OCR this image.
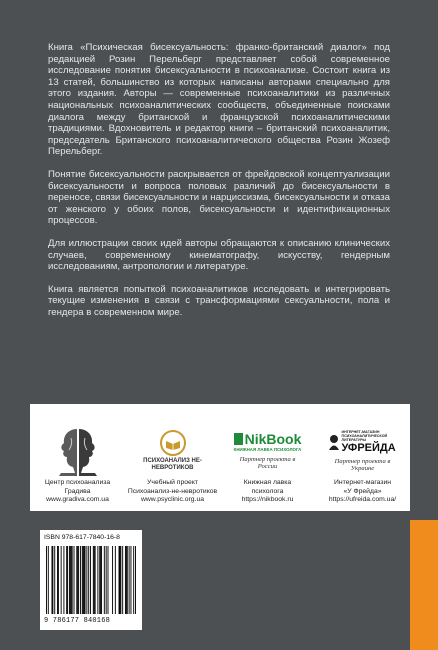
Книга «Психическая бисексуальность: франко-британский диалог» под редакцией Розин Перельберг представляет собой современное исследование понятия бисексуальности в психоанализе. Состоит книга из 13 статей, большинство из которых написаны авторами специально для этого издания. Авторы — современные психоаналитики из различных национальных психоаналитических сообществ, объединенные поисками диалога между британской и французской психоаналитическими традициями. Вдохновитель и редактор книги – британский психоаналитик, председатель Британского психоаналитического общества Розин Жозеф Перельберг.

Понятие бисексуальности раскрывается от фрейдовской концептуализации бисексуальности и вопроса половых различий до бисексуальности в переносе, связи бисексуальности и нарциссизма, бисексуальности и отказа от женского у обоих полов, бисексуальности и идентификационных процессов.

Для иллюстрации своих идей авторы обращаются к описанию клинических случаев, современному кинематографу, искусству, гендерным исследованиям, антропологии и литературе.

Книга является попыткой психоаналитиков исследовать и интегрировать текущие изменения в связи с трансформациями сексуальности, пола и гендера в современном мире.

Центр психоанализа
Градива
www.gradiva.com.ua
ПСИХОАНАЛИЗ НЕ-НЕВРОТИКОВ
Учебный проект
Психоанализ-не-невротиков
www.psyclinic.org.ua
NikBook
КНИЖНАЯ ЛАВКА ПСИХОЛОГА
Партнер проекта в России
Книжная лавка
психолога
https://nikbook.ru
ИНТЕРНЕТ-МАГАЗИН ПСИХОАНАЛИТИЧЕСКОЙ ЛИТЕРАТУРЫ
УФРЕЙДА
Партнер проекта в Украине
Интернет-магазин
«У Фрейда»
https://ufreida.com.ua/
ISBN 978-617-7840-16-8
9 786177 840168
